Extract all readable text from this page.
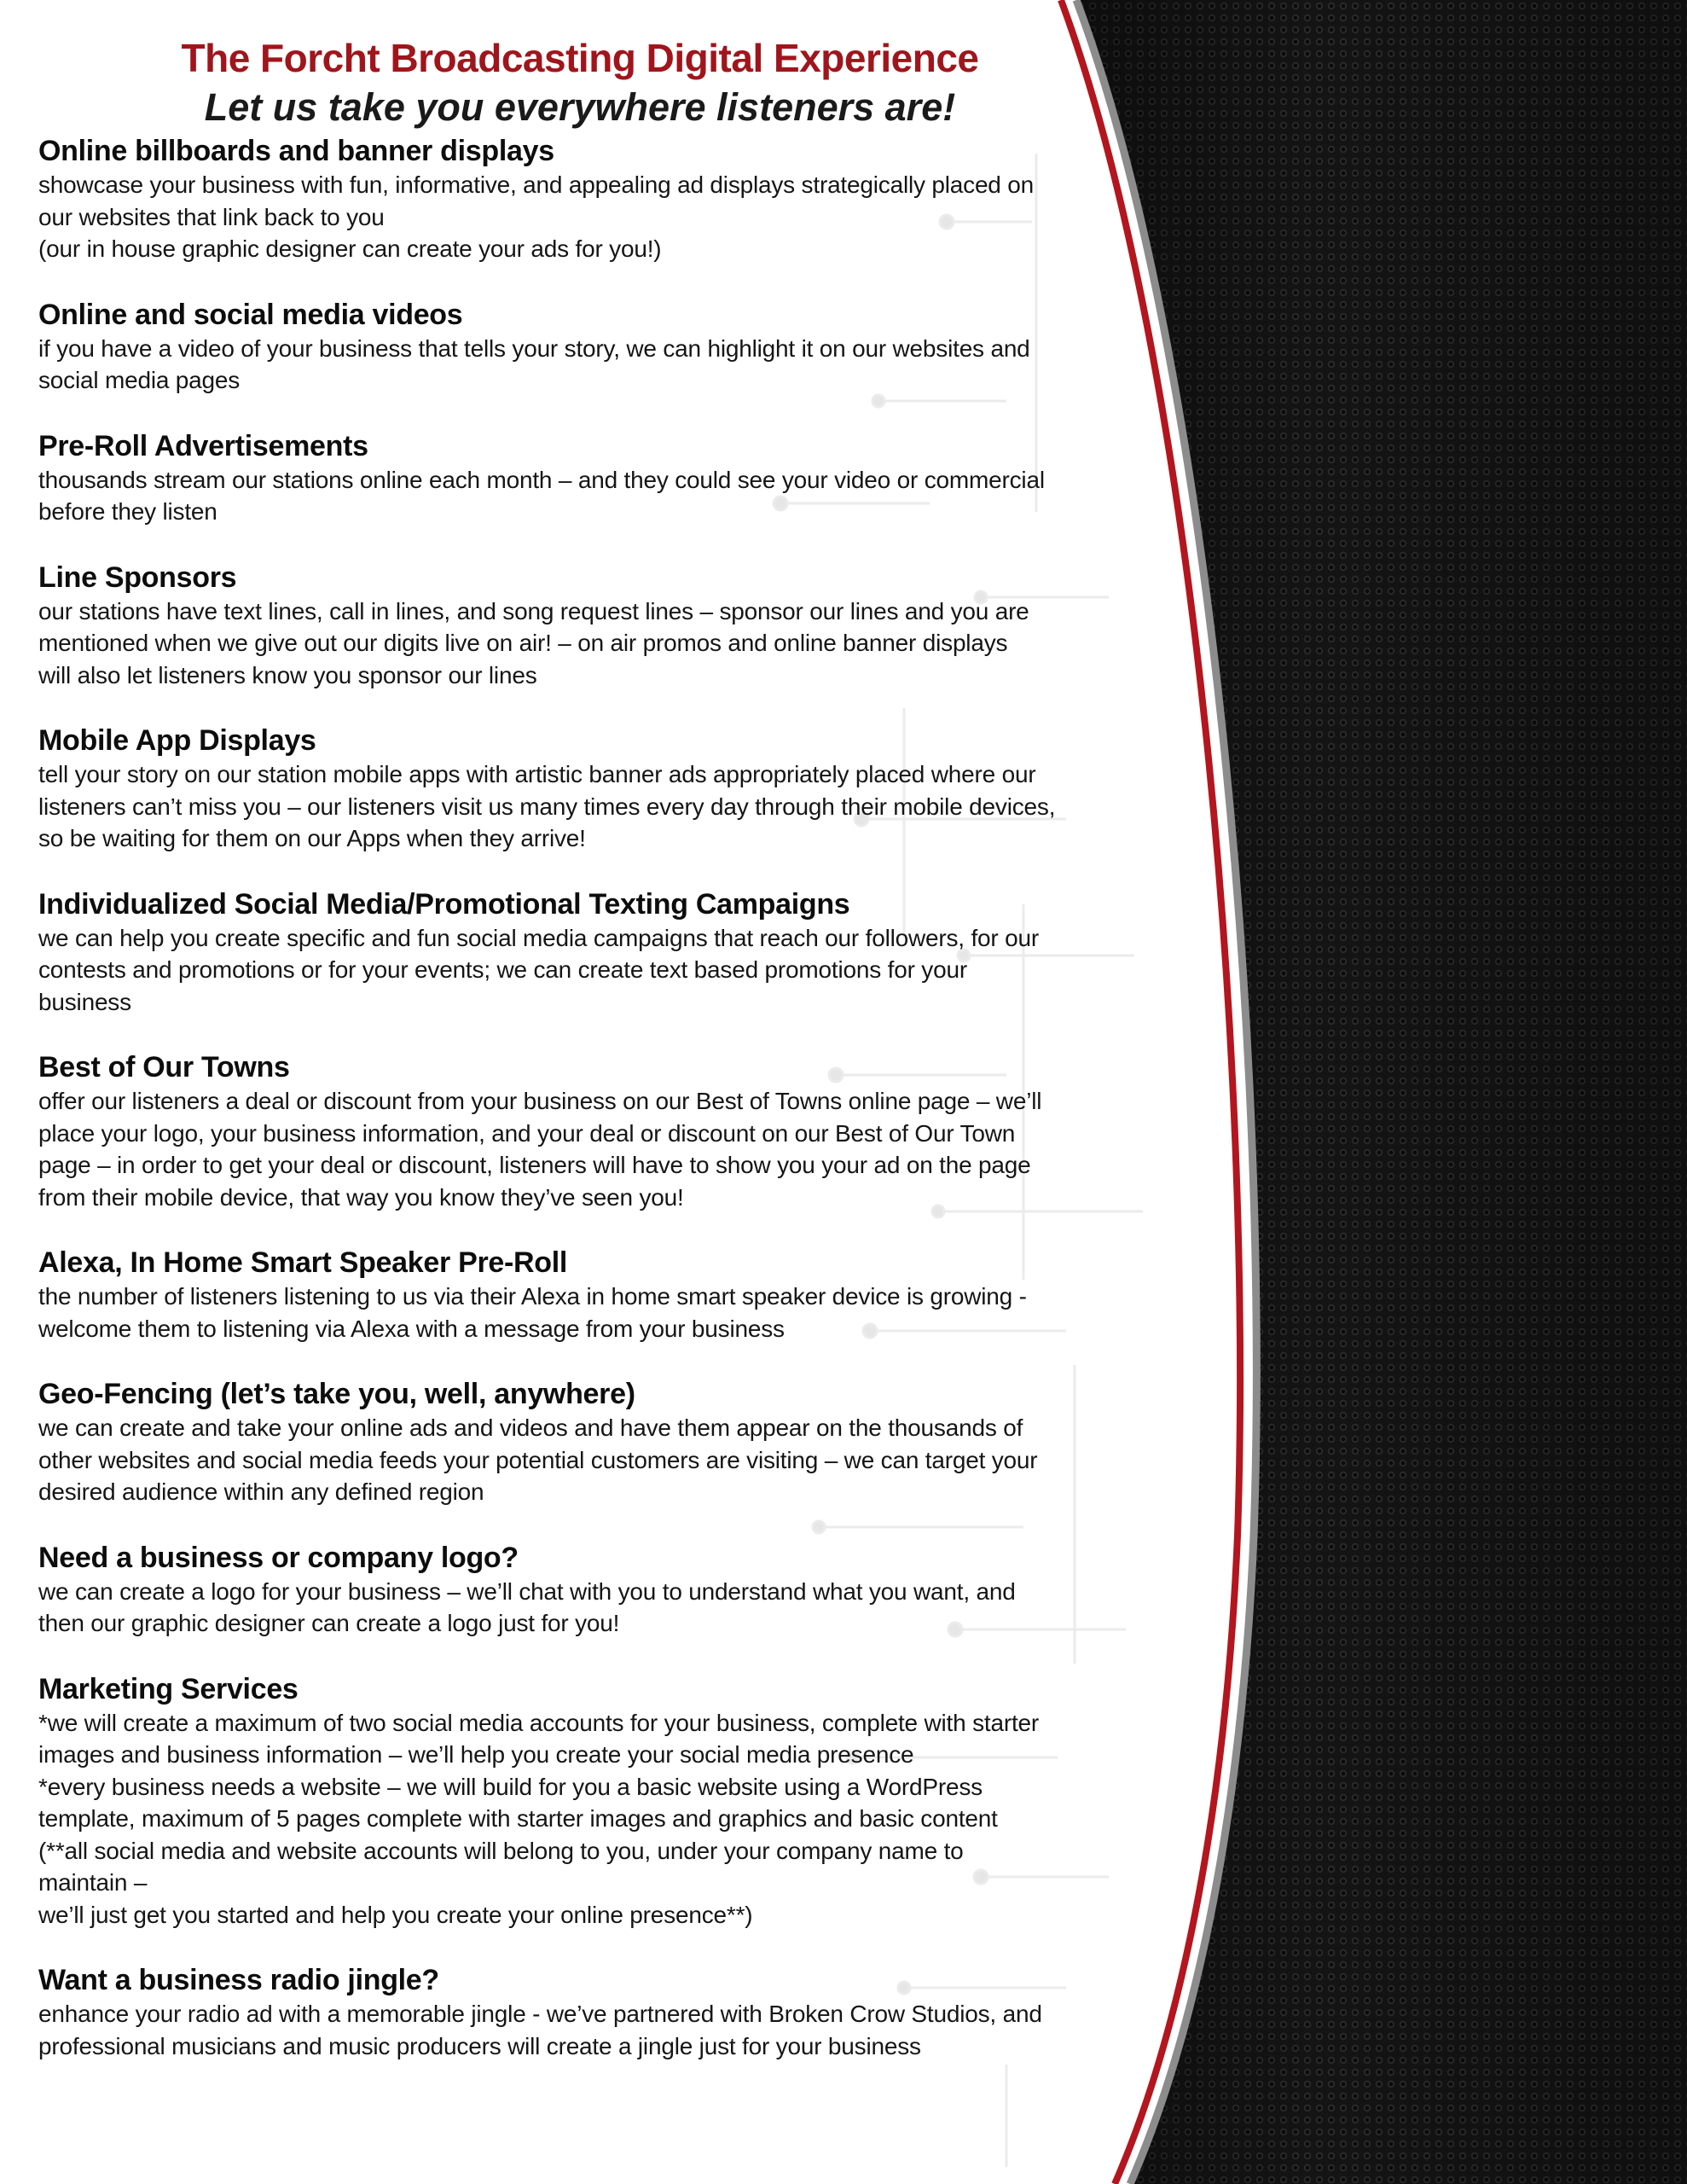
The Forcht Broadcasting Digital Experience
Let us take you everywhere listeners are!
Online billboards and banner displays

showcase your business with fun, informative, and appealing ad displays strategically placed on
our websites that link back to you
(our in house graphic designer can create your ads for you!)

Online and social media videos

if you have a video of your business that tells your story, we can highlight it on our websites and
social media pages

Pre-Roll Advertisements

thousands stream our stations online each month – and they could see your video or commercial
before they listen

Line Sponsors

our stations have text lines, call in lines, and song request lines – sponsor our lines and you are
mentioned when we give out our digits live on air! – on air promos and online banner displays
will also let listeners know you sponsor our lines

Mobile App Displays

tell your story on our station mobile apps with artistic banner ads appropriately placed where our
listeners can’t miss you – our listeners visit us many times every day through their mobile devices,
so be waiting for them on our Apps when they arrive!

Individualized Social Media/Promotional Texting Campaigns

we can help you create specific and fun social media campaigns that reach our followers, for our
contests and promotions or for your events; we can create text based promotions for your
business

Best of Our Towns

offer our listeners a deal or discount from your business on our Best of Towns online page – we’ll
place your logo, your business information, and your deal or discount on our Best of Our Town
page – in order to get your deal or discount, listeners will have to show you your ad on the page
from their mobile device, that way you know they’ve seen you!

Alexa, In Home Smart Speaker Pre-Roll

the number of listeners listening to us via their Alexa in home smart speaker device is growing -
welcome them to listening via Alexa with a message from your business

Geo-Fencing (let’s take you, well, anywhere)

we can create and take your online ads and videos and have them appear on the thousands of
other websites and social media feeds your potential customers are visiting – we can target your
desired audience within any defined region

Need a business or company logo?

we can create a logo for your business – we’ll chat with you to understand what you want, and
then our graphic designer can create a logo just for you!

Marketing Services

*we will create a maximum of two social media accounts for your business, complete with starter
images and business information – we’ll help you create your social media presence
*every business needs a website – we will build for you a basic website using a WordPress
template, maximum of 5 pages complete with starter images and graphics and basic content
(**all social media and website accounts will belong to you, under your company name to
maintain –
we’ll just get you started and help you create your online presence**)

Want a business radio jingle?

enhance your radio ad with a memorable jingle - we’ve partnered with Broken Crow Studios, and
professional musicians and music producers will create a jingle just for your business
